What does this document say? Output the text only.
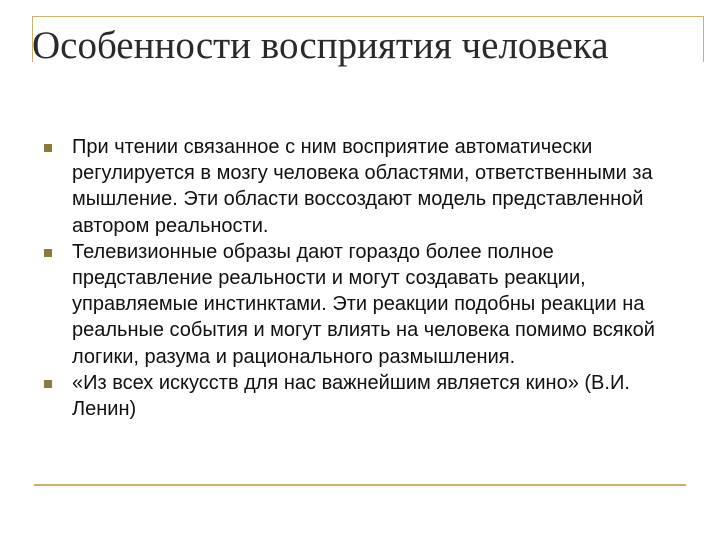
Особенности восприятия человека
При чтении связанное с ним восприятие автоматически регулируется в мозгу человека областями, ответственными за мышление. Эти области воссоздают модель представленной автором реальности.
Телевизионные образы дают гораздо более полное представление реальности и могут создавать реакции, управляемые инстинктами. Эти реакции подобны реакции на реальные события и могут влиять на человека помимо всякой логики, разума и рационального размышления.
«Из всех искусств для нас важнейшим является кино» (В.И. Ленин)
